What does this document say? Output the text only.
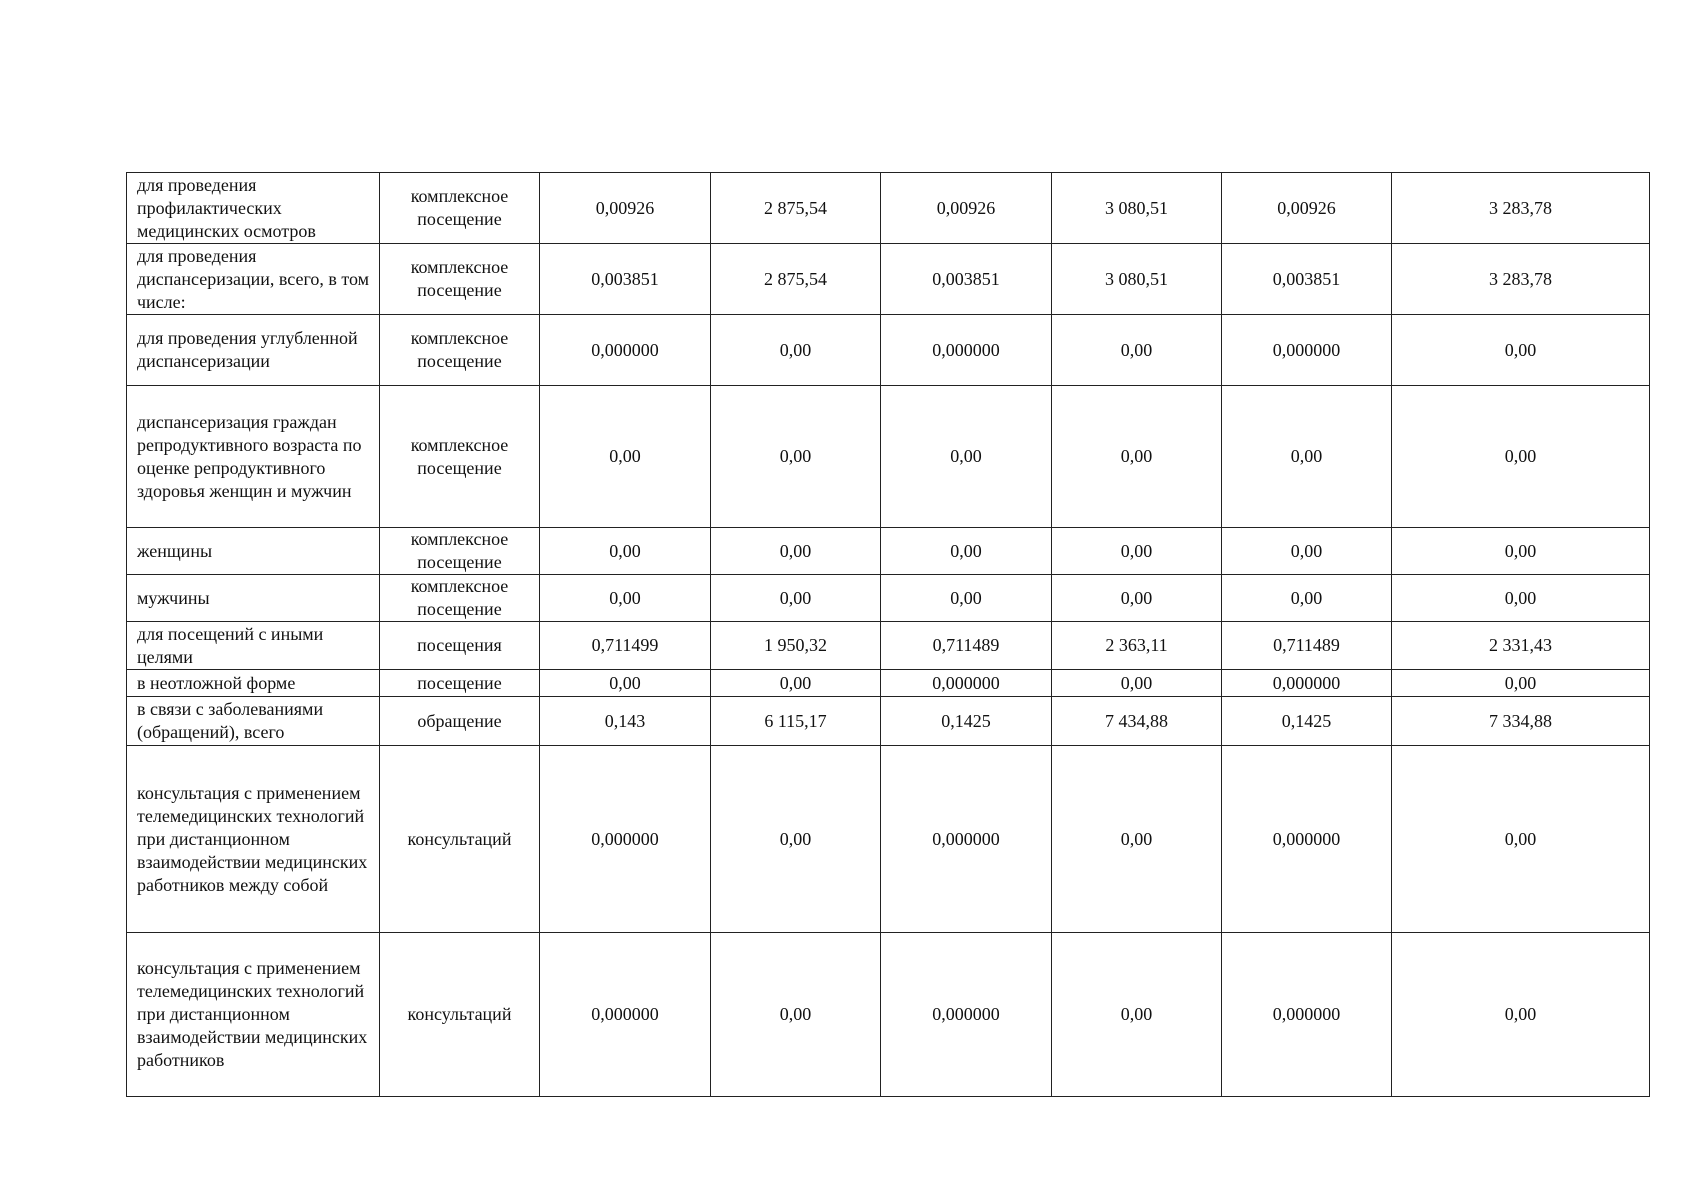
для проведения профилактических медицинских осмотров	комплексное посещение	0,00926	2 875,54	0,00926	3 080,51	0,00926	3 283,78
для проведения диспансеризации, всего, в том числе:	комплексное посещение	0,003851	2 875,54	0,003851	3 080,51	0,003851	3 283,78
для проведения углубленной диспансеризации	комплексное посещение	0,000000	0,00	0,000000	0,00	0,000000	0,00
диспансеризация граждан репродуктивного возраста по оценке репродуктивного здоровья женщин и мужчин	комплексное посещение	0,00	0,00	0,00	0,00	0,00	0,00
женщины	комплексное посещение	0,00	0,00	0,00	0,00	0,00	0,00
мужчины	комплексное посещение	0,00	0,00	0,00	0,00	0,00	0,00
для посещений с иными целями	посещения	0,711499	1 950,32	0,711489	2 363,11	0,711489	2 331,43
в неотложной форме	посещение	0,00	0,00	0,000000	0,00	0,000000	0,00
в связи с заболеваниями (обращений), всего	обращение	0,143	6 115,17	0,1425	7 434,88	0,1425	7 334,88
консультация с применением телемедицинских технологий при дистанционном взаимодействии медицинских работников между собой	консультаций	0,000000	0,00	0,000000	0,00	0,000000	0,00
консультация с применением телемедицинских технологий при дистанционном взаимодействии медицинских работников	консультаций	0,000000	0,00	0,000000	0,00	0,000000	0,00
